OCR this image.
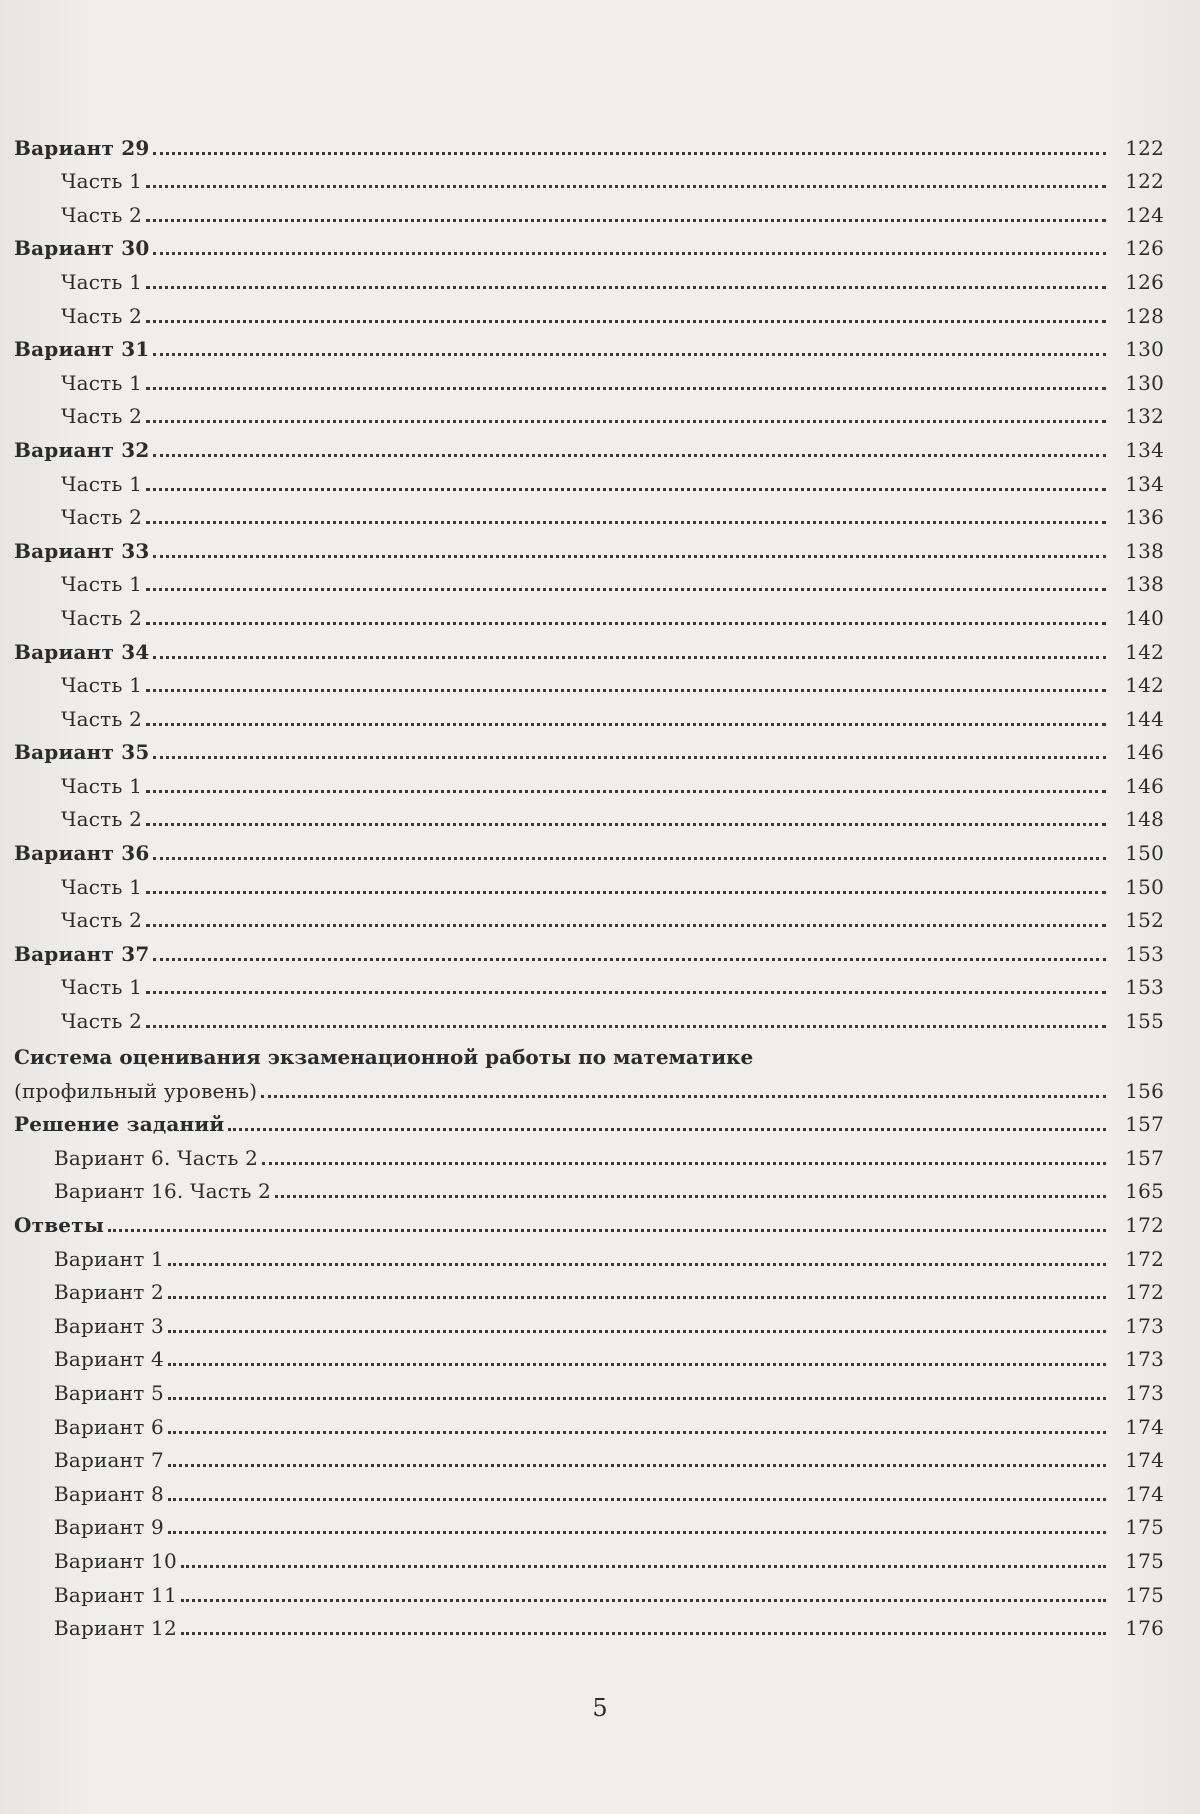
Вариант 29	122
Часть 1	122
Часть 2	124
Вариант 30	126
Часть 1	126
Часть 2	128
Вариант 31	130
Часть 1	130
Часть 2	132
Вариант 32	134
Часть 1	134
Часть 2	136
Вариант 33	138
Часть 1	138
Часть 2	140
Вариант 34	142
Часть 1	142
Часть 2	144
Вариант 35	146
Часть 1	146
Часть 2	148
Вариант 36	150
Часть 1	150
Часть 2	152
Вариант 37	153
Часть 1	153
Часть 2	155
Система оценивания экзаменационной работы по математике
(профильный уровень)	156
Решение заданий	157
Вариант 6. Часть 2	157
Вариант 16. Часть 2	165
Ответы	172
Вариант 1	172
Вариант 2	172
Вариант 3	173
Вариант 4	173
Вариант 5	173
Вариант 6	174
Вариант 7	174
Вариант 8	174
Вариант 9	175
Вариант 10	175
Вариант 11	175
Вариант 12	176
5
